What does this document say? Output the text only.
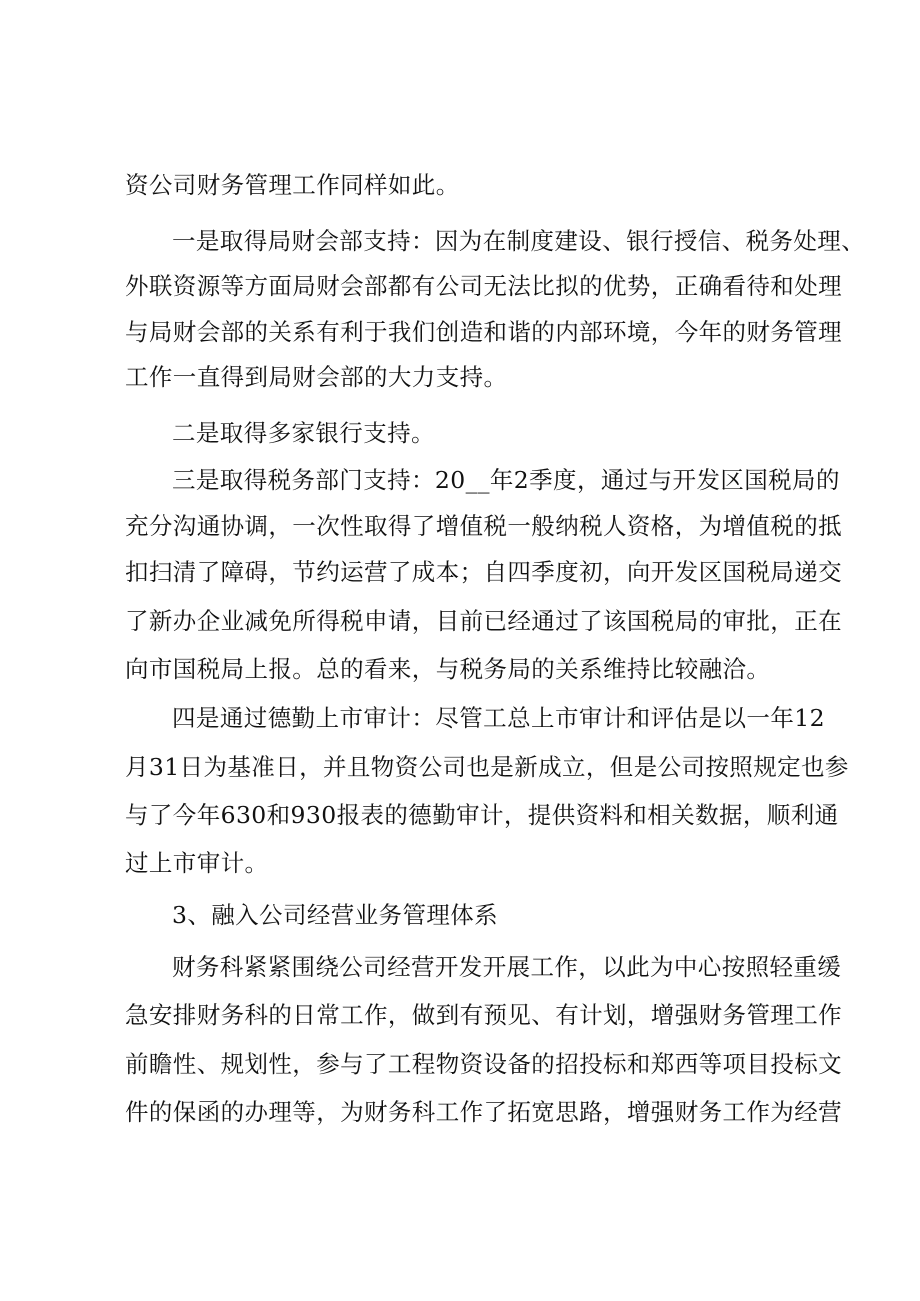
资公司财务管理工作同样如此。
一是取得局财会部支持：因为在制度建设、银行授信、税务处理、
外联资源等方面局财会部都有公司无法比拟的优势，正确看待和处理
与局财会部的关系有利于我们创造和谐的内部环境，今年的财务管理
工作一直得到局财会部的大力支持。
二是取得多家银行支持。
三是取得税务部门支持：20__年2季度，通过与开发区国税局的
充分沟通协调，一次性取得了增值税一般纳税人资格，为增值税的抵
扣扫清了障碍，节约运营了成本；自四季度初，向开发区国税局递交
了新办企业减免所得税申请，目前已经通过了该国税局的审批，正在
向市国税局上报。总的看来，与税务局的关系维持比较融洽。
四是通过德勤上市审计：尽管工总上市审计和评估是以一年12
月31日为基准日，并且物资公司也是新成立，但是公司按照规定也参
与了今年630和930报表的德勤审计，提供资料和相关数据，顺利通
过上市审计。
3、融入公司经营业务管理体系
财务科紧紧围绕公司经营开发开展工作，以此为中心按照轻重缓
急安排财务科的日常工作，做到有预见、有计划，增强财务管理工作
前瞻性、规划性，参与了工程物资设备的招投标和郑西等项目投标文
件的保函的办理等，为财务科工作了拓宽思路，增强财务工作为经营
